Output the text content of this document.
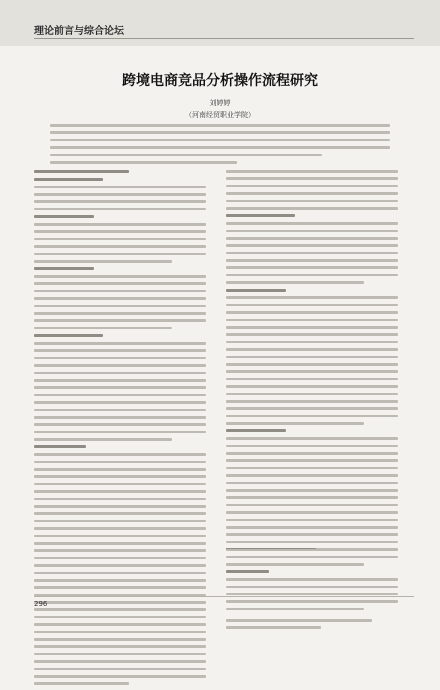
理论前言与综合论坛
跨境电商竞品分析操作流程研究
刘婷婷
（河南经贸职业学院）
296
